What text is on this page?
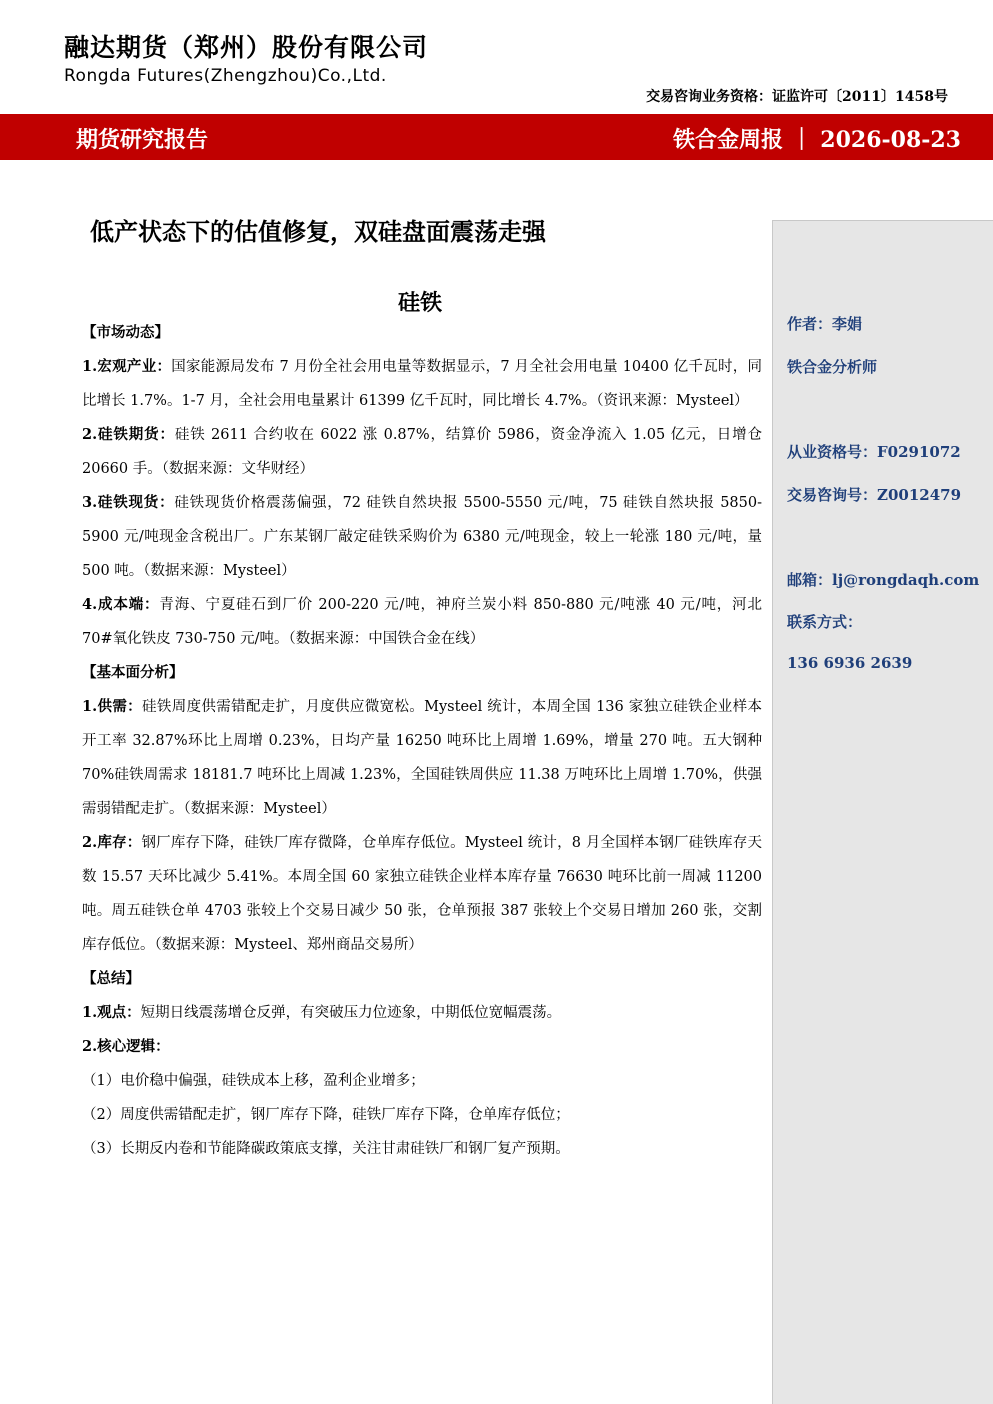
融达期货（郑州）股份有限公司
Rongda Futures(Zhengzhou)Co.,Ltd.
交易咨询业务资格：证监许可〔2011〕1458号
期货研究报告	铁合金周报 ｜ 2026-08-23
作者：李娟
铁合金分析师
从业资格号：F0291072
交易咨询号：Z0012479
邮箱：lj@rongdaqh.com
联系方式：
136 6936 2639
低产状态下的估值修复，双硅盘面震荡走强
硅铁

【市场动态】

1.宏观产业：国家能源局发布 7 月份全社会用电量等数据显示，7 月全社会用电量 10400 亿千瓦时，同比增长 1.7%。1-7 月，全社会用电量累计 61399 亿千瓦时，同比增长 4.7%。（资讯来源：Mysteel）

2.硅铁期货：硅铁 2611 合约收在 6022 涨 0.87%，结算价 5986，资金净流入 1.05 亿元，日增仓 20660 手。（数据来源：文华财经）

3.硅铁现货：硅铁现货价格震荡偏强，72 硅铁自然块报 5500-5550 元/吨，75 硅铁自然块报 5850-5900 元/吨现金含税出厂。广东某钢厂敲定硅铁采购价为 6380 元/吨现金，较上一轮涨 180 元/吨，量 500 吨。（数据来源：Mysteel）

4.成本端：青海、宁夏硅石到厂价 200-220 元/吨，神府兰炭小料 850-880 元/吨涨 40 元/吨，河北 70#氧化铁皮 730-750 元/吨。（数据来源：中国铁合金在线）

【基本面分析】

1.供需：硅铁周度供需错配走扩，月度供应微宽松。Mysteel 统计，本周全国 136 家独立硅铁企业样本开工率 32.87%环比上周增 0.23%，日均产量 16250 吨环比上周增 1.69%，增量 270 吨。五大钢种 70%硅铁周需求 18181.7 吨环比上周减 1.23%，全国硅铁周供应 11.38 万吨环比上周增 1.70%，供强需弱错配走扩。（数据来源：Mysteel）

2.库存：钢厂库存下降，硅铁厂库存微降，仓单库存低位。Mysteel 统计，8 月全国样本钢厂硅铁库存天数 15.57 天环比减少 5.41%。本周全国 60 家独立硅铁企业样本库存量 76630 吨环比前一周减 11200 吨。周五硅铁仓单 4703 张较上个交易日减少 50 张，仓单预报 387 张较上个交易日增加 260 张，交割库存低位。（数据来源：Mysteel、郑州商品交易所）

【总结】

1.观点：短期日线震荡增仓反弹，有突破压力位迹象，中期低位宽幅震荡。

2.核心逻辑：

（1）电价稳中偏强，硅铁成本上移，盈利企业增多；

（2）周度供需错配走扩，钢厂库存下降，硅铁厂库存下降，仓单库存低位；

（3）长期反内卷和节能降碳政策底支撑，关注甘肃硅铁厂和钢厂复产预期。
